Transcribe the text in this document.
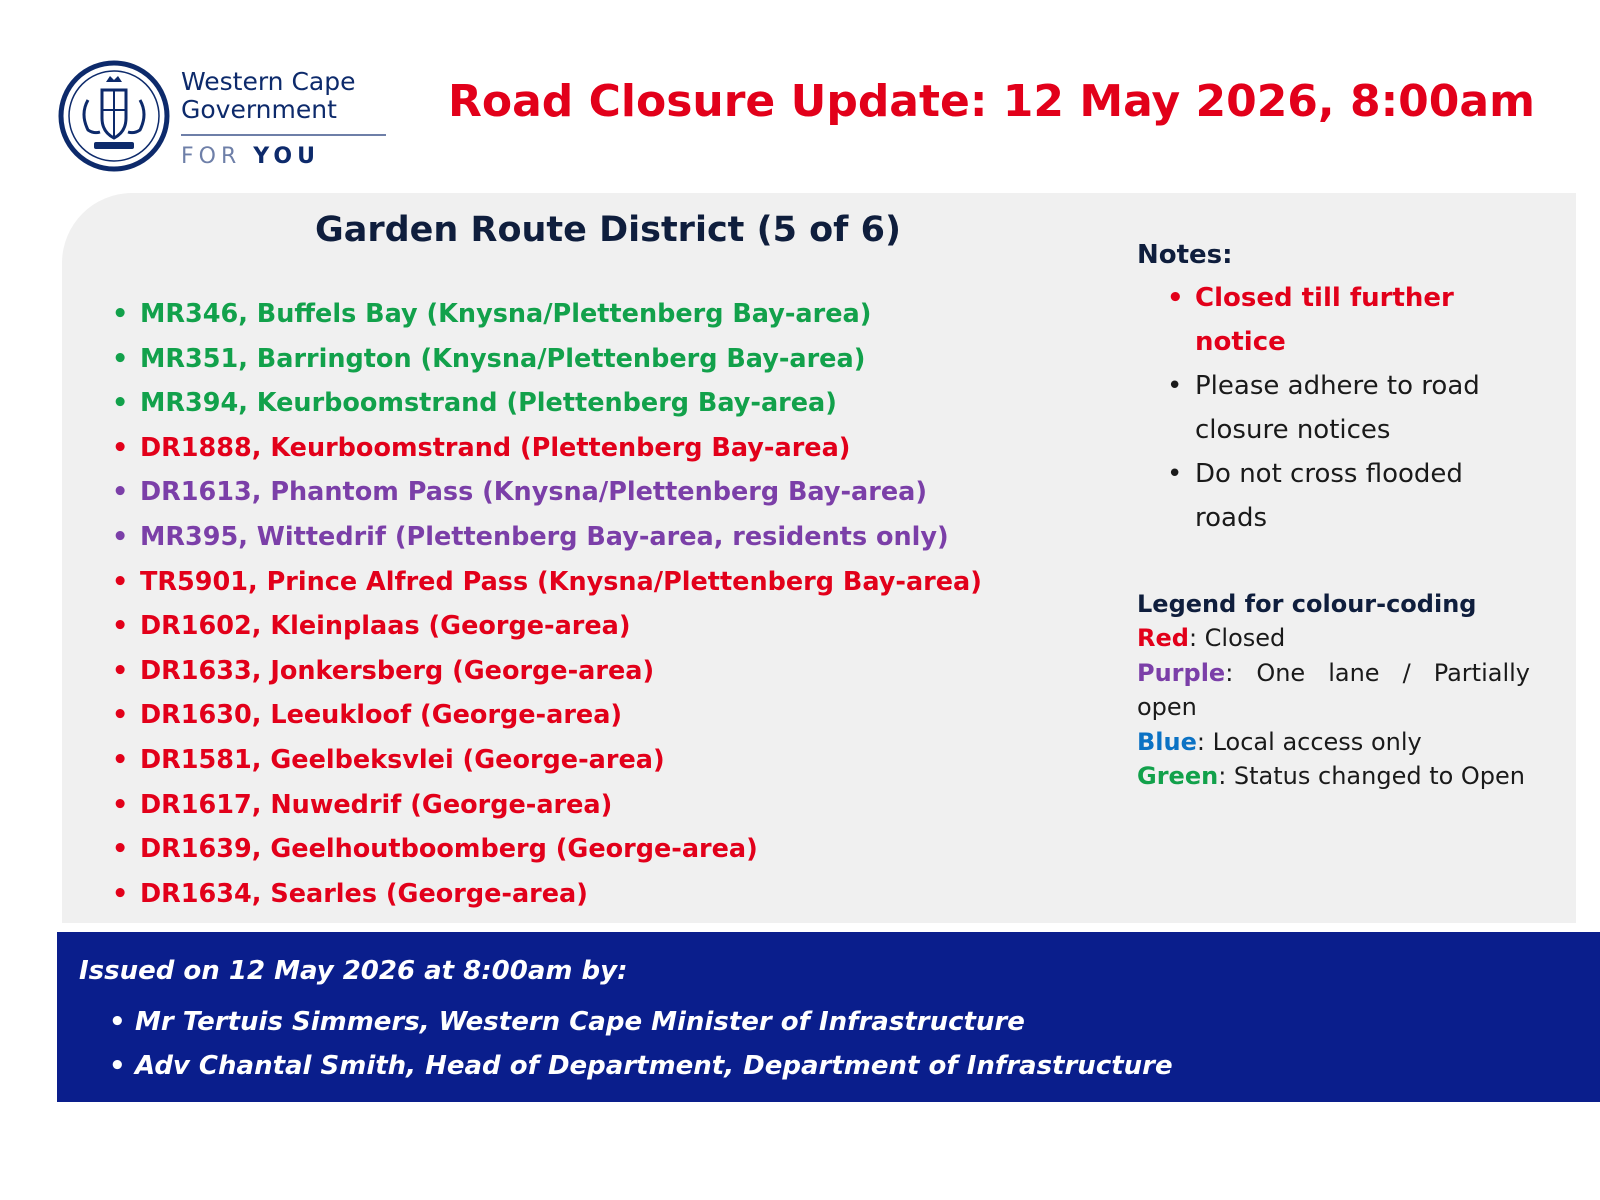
Western Cape
Government
FOR YOU
Road Closure Update: 12 May 2026, 8:00am
Garden Route District (5 of 6)
• MR346, Buffels Bay (Knysna/Plettenberg Bay-area)
• MR351, Barrington (Knysna/Plettenberg Bay-area)
• MR394, Keurboomstrand (Plettenberg Bay-area)
• DR1888, Keurboomstrand (Plettenberg Bay-area)
• DR1613, Phantom Pass (Knysna/Plettenberg Bay-area)
• MR395, Wittedrif (Plettenberg Bay-area, residents only)
• TR5901, Prince Alfred Pass (Knysna/Plettenberg Bay-area)
• DR1602, Kleinplaas (George-area)
• DR1633, Jonkersberg (George-area)
• DR1630, Leeukloof (George-area)
• DR1581, Geelbeksvlei (George-area)
• DR1617, Nuwedrif (George-area)
• DR1639, Geelhoutboomberg (George-area)
• DR1634, Searles (George-area)
Notes:
• Closed till further notice
• Please adhere to road closure notices
• Do not cross flooded roads
Legend for colour-coding
Red: Closed
Purple: One lane / Partially open
Blue: Local access only
Green: Status changed to Open
Issued on 12 May 2026 at 8:00am by:
• Mr Tertuis Simmers, Western Cape Minister of Infrastructure
• Adv Chantal Smith, Head of Department, Department of Infrastructure
